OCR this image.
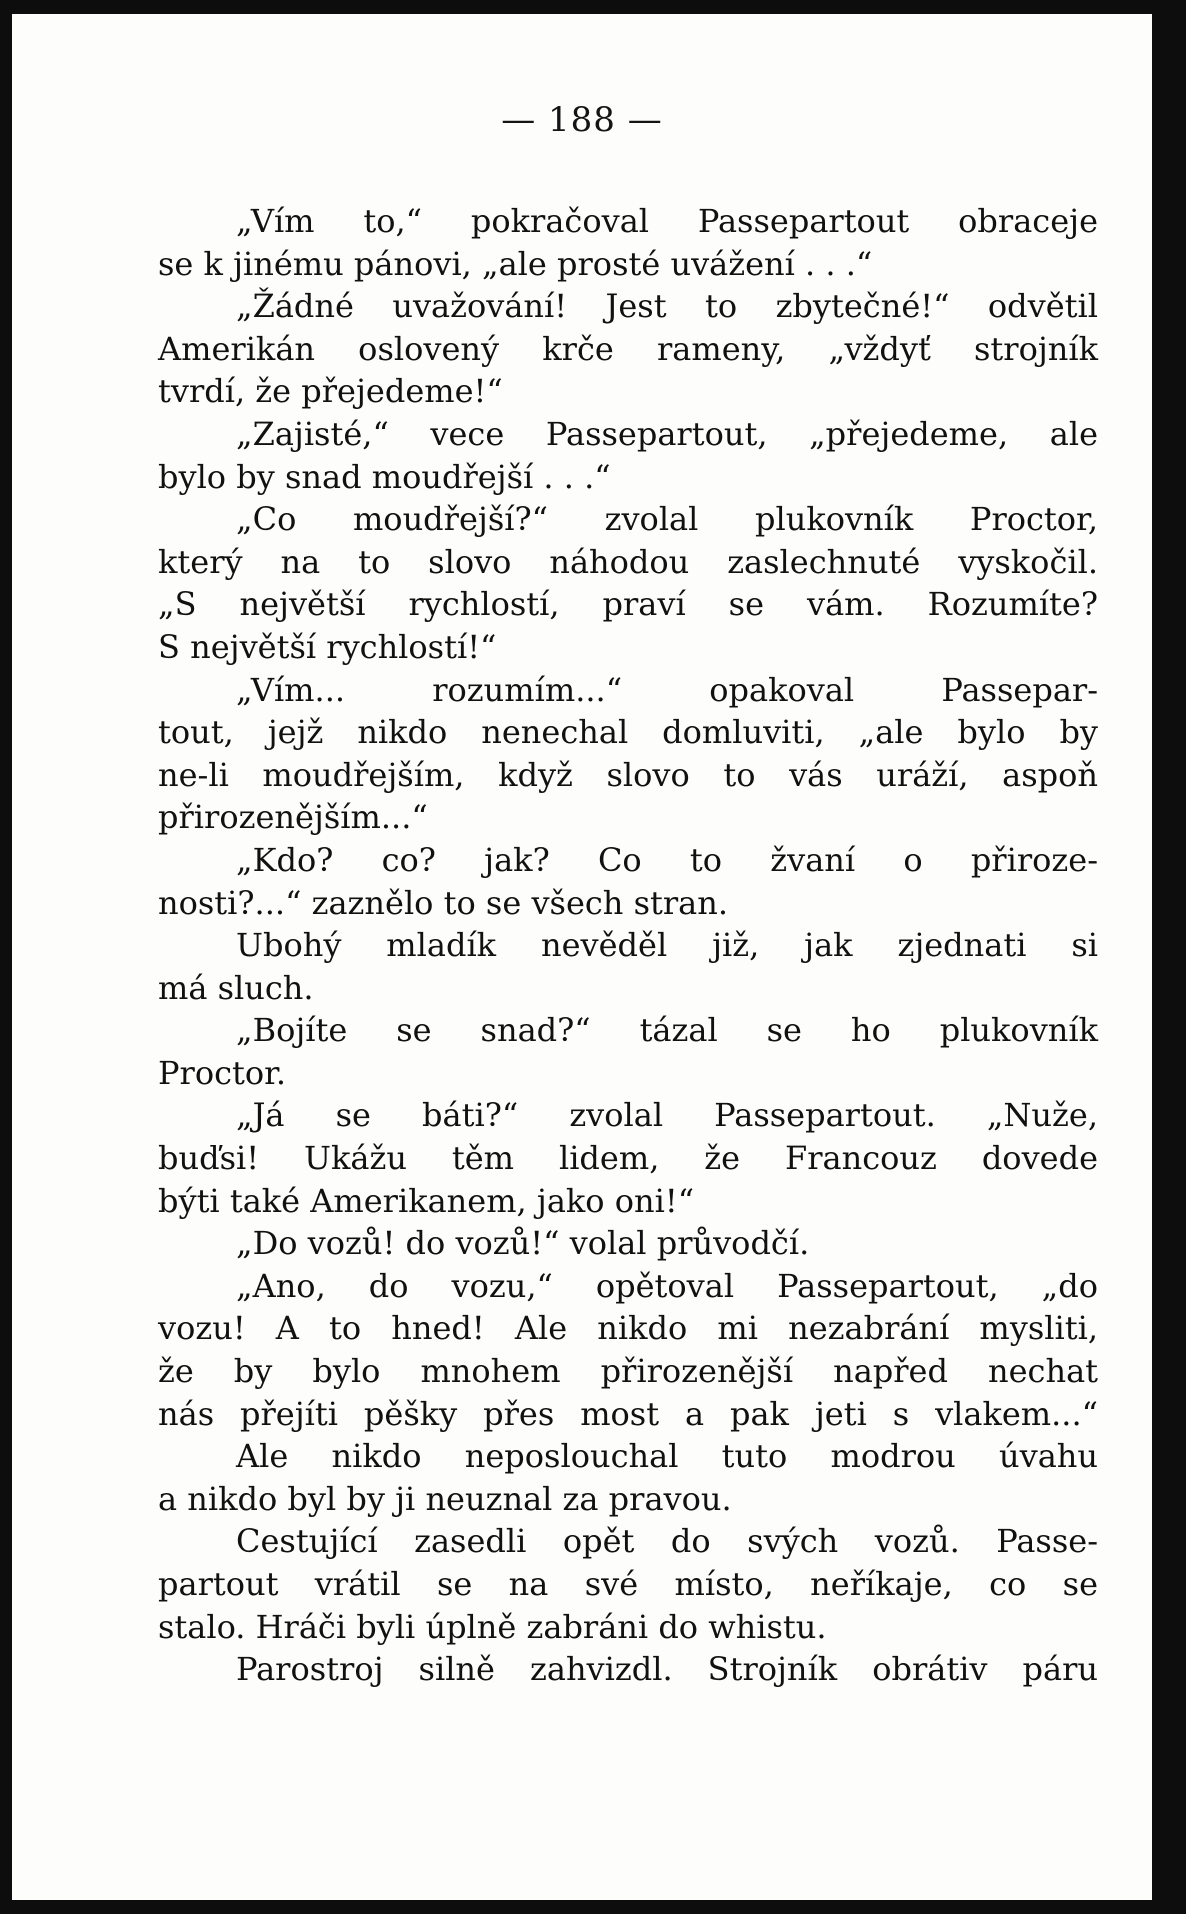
— 188 —
„Vím to,“ pokračoval Passepartout obraceje
se k jinému pánovi, „ale prosté uvážení . . .“
„Žádné uvažování! Jest to zbytečné!“ odvětil
Amerikán oslovený krče rameny, „vždyť strojník
tvrdí, že přejedeme!“
„Zajisté,“ vece Passepartout, „přejedeme, ale
bylo by snad moudřejší . . .“
„Co moudřejší?“ zvolal plukovník Proctor,
který na to slovo náhodou zaslechnuté vyskočil.
„S největší rychlostí, praví se vám. Rozumíte?
S největší rychlostí!“
„Vím... rozumím...“ opakoval Passepar-
tout, jejž nikdo nenechal domluviti, „ale bylo by
ne-li moudřejším, když slovo to vás uráží, aspoň
přirozenějším...“
„Kdo? co? jak? Co to žvaní o přiroze-
nosti?...“ zaznělo to se všech stran.
Ubohý mladík nevěděl již, jak zjednati si
má sluch.
„Bojíte se snad?“ tázal se ho plukovník
Proctor.
„Já se báti?“ zvolal Passepartout. „Nuže,
buďsi! Ukážu těm lidem, že Francouz dovede
býti také Amerikanem, jako oni!“
„Do vozů! do vozů!“ volal průvodčí.
„Ano, do vozu,“ opětoval Passepartout, „do
vozu! A to hned! Ale nikdo mi nezabrání mysliti,
že by bylo mnohem přirozenější napřed nechat
nás přejíti pěšky přes most a pak jeti s vlakem...“
Ale nikdo neposlouchal tuto modrou úvahu
a nikdo byl by ji neuznal za pravou.
Cestující zasedli opět do svých vozů. Passe-
partout vrátil se na své místo, neříkaje, co se
stalo. Hráči byli úplně zabráni do whistu.
Parostroj silně zahvizdl. Strojník obrátiv páru
